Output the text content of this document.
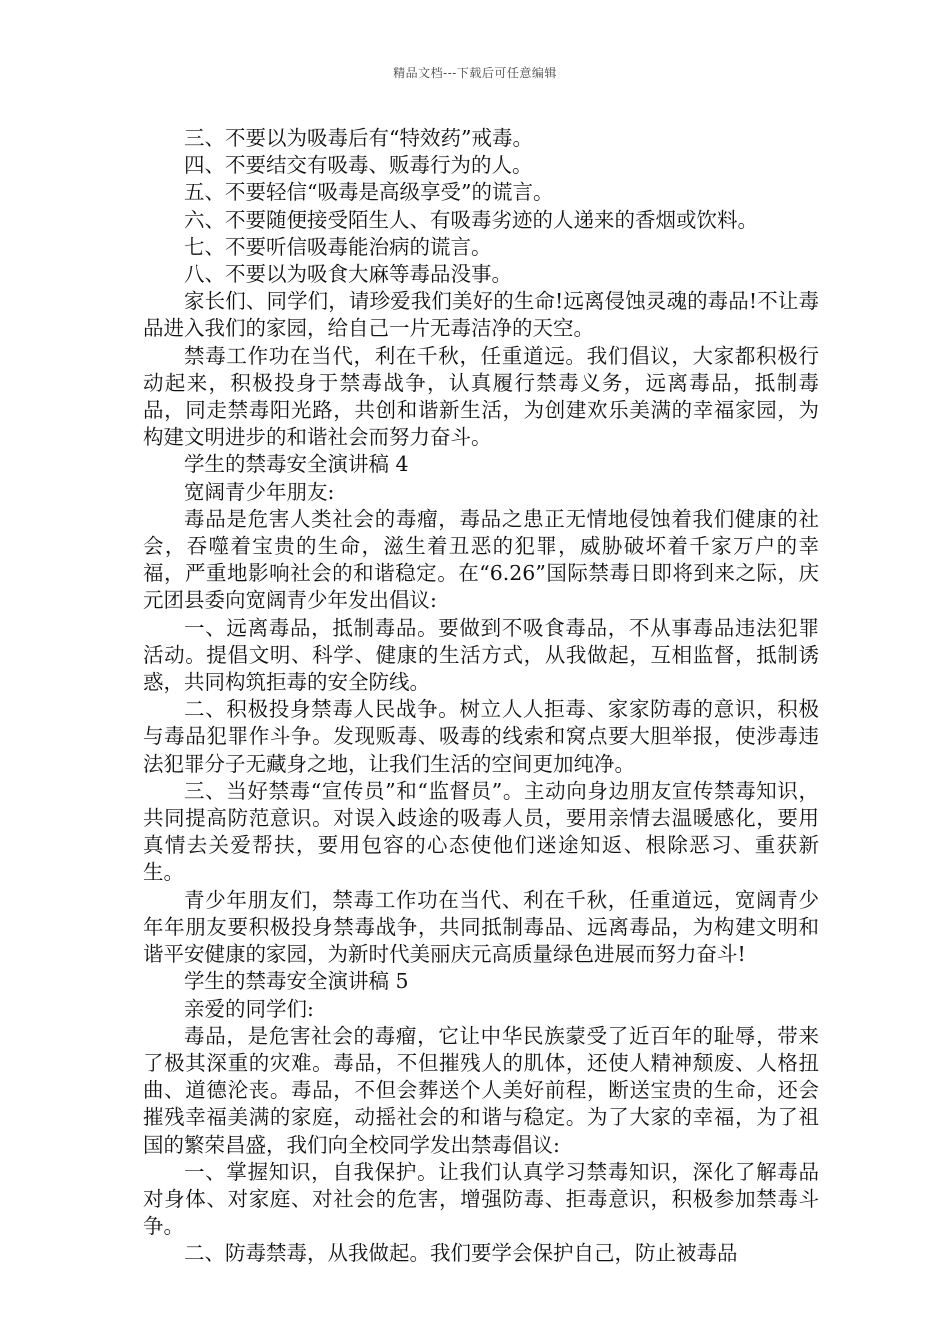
精品文档---下载后可任意编辑

三、不要以为吸毒后有“特效药”戒毒。

四、不要结交有吸毒、贩毒行为的人。

五、不要轻信“吸毒是高级享受”的谎言。

六、不要随便接受陌生人、有吸毒劣迹的人递来的香烟或饮料。

七、不要听信吸毒能治病的谎言。

八、不要以为吸食大麻等毒品没事。

家长们、同学们，请珍爱我们美好的生命!远离侵蚀灵魂的毒品!不让毒品进入我们的家园，给自己一片无毒洁净的天空。

禁毒工作功在当代，利在千秋，任重道远。我们倡议，大家都积极行动起来，积极投身于禁毒战争，认真履行禁毒义务，远离毒品，抵制毒品，同走禁毒阳光路，共创和谐新生活，为创建欢乐美满的幸福家园，为构建文明进步的和谐社会而努力奋斗。

学生的禁毒安全演讲稿 4

宽阔青少年朋友:

毒品是危害人类社会的毒瘤，毒品之患正无情地侵蚀着我们健康的社会，吞噬着宝贵的生命，滋生着丑恶的犯罪，威胁破坏着千家万户的幸福，严重地影响社会的和谐稳定。在“6.26”国际禁毒日即将到来之际，庆元团县委向宽阔青少年发出倡议:

一、远离毒品，抵制毒品。要做到不吸食毒品，不从事毒品违法犯罪活动。提倡文明、科学、健康的生活方式，从我做起，互相监督，抵制诱惑，共同构筑拒毒的安全防线。

二、积极投身禁毒人民战争。树立人人拒毒、家家防毒的意识，积极与毒品犯罪作斗争。发现贩毒、吸毒的线索和窝点要大胆举报，使涉毒违法犯罪分子无藏身之地，让我们生活的空间更加纯净。

三、当好禁毒“宣传员”和“监督员”。主动向身边朋友宣传禁毒知识，共同提高防范意识。对误入歧途的吸毒人员，要用亲情去温暖感化，要用真情去关爱帮扶，要用包容的心态使他们迷途知返、根除恶习、重获新生。

青少年朋友们，禁毒工作功在当代、利在千秋，任重道远，宽阔青少年年朋友要积极投身禁毒战争，共同抵制毒品、远离毒品，为构建文明和谐平安健康的家园，为新时代美丽庆元高质量绿色进展而努力奋斗!

学生的禁毒安全演讲稿 5

亲爱的同学们:

毒品，是危害社会的毒瘤，它让中华民族蒙受了近百年的耻辱，带来了极其深重的灾难。毒品，不但摧残人的肌体，还使人精神颓废、人格扭曲、道德沦丧。毒品，不但会葬送个人美好前程，断送宝贵的生命，还会摧残幸福美满的家庭，动摇社会的和谐与稳定。为了大家的幸福，为了祖国的繁荣昌盛，我们向全校同学发出禁毒倡议:

一、掌握知识，自我保护。让我们认真学习禁毒知识，深化了解毒品对身体、对家庭、对社会的危害，增强防毒、拒毒意识，积极参加禁毒斗争。

二、防毒禁毒，从我做起。我们要学会保护自己，防止被毒品
